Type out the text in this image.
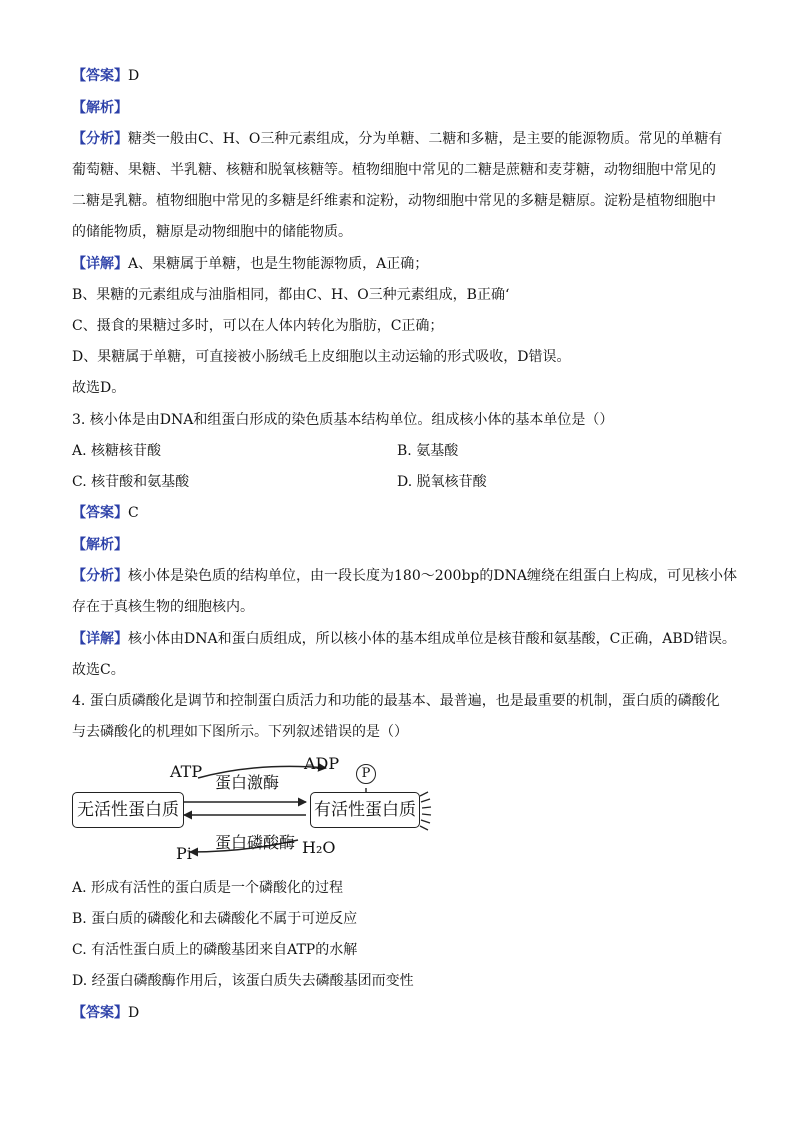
【答案】D
【解析】
【分析】糖类一般由C、H、O三种元素组成，分为单糖、二糖和多糖，是主要的能源物质。常见的单糖有
葡萄糖、果糖、半乳糖、核糖和脱氧核糖等。植物细胞中常见的二糖是蔗糖和麦芽糖，动物细胞中常见的
二糖是乳糖。植物细胞中常见的多糖是纤维素和淀粉，动物细胞中常见的多糖是糖原。淀粉是植物细胞中
的储能物质，糖原是动物细胞中的储能物质。
【详解】A、果糖属于单糖，也是生物能源物质，A正确；
B、果糖的元素组成与油脂相同，都由C、H、O三种元素组成，B正确‘
C、摄食的果糖过多时，可以在人体内转化为脂肪，C正确；
D、果糖属于单糖，可直接被小肠绒毛上皮细胞以主动运输的形式吸收，D错误。
故选D。
3. 核小体是由DNA和组蛋白形成的染色质基本结构单位。组成核小体的基本单位是（）
A. 核糖核苷酸	B. 氨基酸
C. 核苷酸和氨基酸	D. 脱氧核苷酸
【答案】C
【解析】
【分析】核小体是染色质的结构单位，由一段长度为180～200bp的DNA缠绕在组蛋白上构成，可见核小体
存在于真核生物的细胞核内。
【详解】核小体由DNA和蛋白质组成，所以核小体的基本组成单位是核苷酸和氨基酸，C正确，ABD错误。
故选C。
4. 蛋白质磷酸化是调节和控制蛋白质活力和功能的最基本、最普遍，也是最重要的机制，蛋白质的磷酸化
与去磷酸化的机理如下图所示。下列叙述错误的是（）
无活性蛋白质	有活性蛋白质
ATP
蛋白激酶
ADP
P
蛋白磷酸酶
Pi	H₂O
A. 形成有活性的蛋白质是一个磷酸化的过程
B. 蛋白质的磷酸化和去磷酸化不属于可逆反应
C. 有活性蛋白质上的磷酸基团来自ATP的水解
D. 经蛋白磷酸酶作用后，该蛋白质失去磷酸基团而变性
【答案】D
